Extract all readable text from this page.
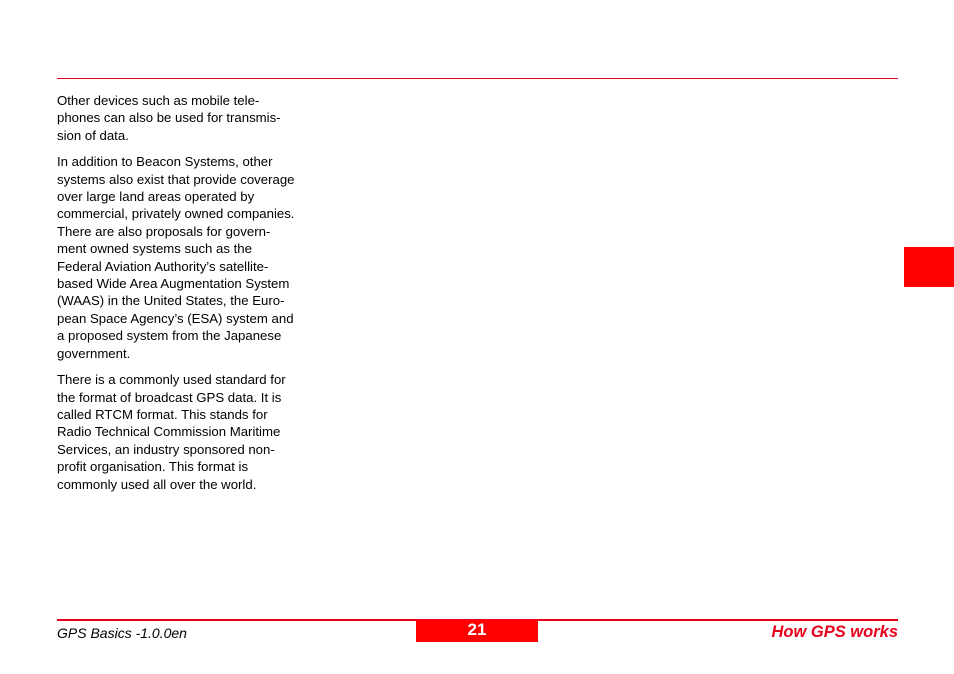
Other devices such as mobile tele-
phones can also be used for transmis-
sion of data.

In addition to Beacon Systems, other
systems also exist that provide coverage
over large land areas operated by
commercial, privately owned companies.
There are also proposals for govern-
ment owned systems such as the
Federal Aviation Authority’s satellite-
based Wide Area Augmentation System
(WAAS) in the United States, the Euro-
pean Space Agency’s (ESA) system and
a proposed system from the Japanese
government.

There is a commonly used standard for
the format of broadcast GPS data. It is
called RTCM format. This stands for
Radio Technical Commission Maritime
Services, an industry sponsored non-
profit organisation. This format is
commonly used all over the world.

GPS Basics -1.0.0en	21	How GPS works
